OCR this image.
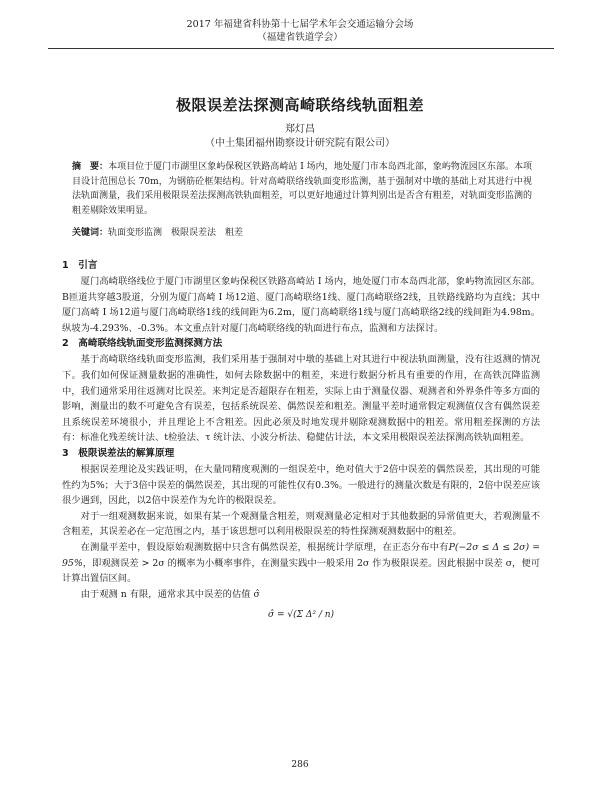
2017 年福建省科协第十七届学术年会交通运输分会场
（福建省铁道学会）
极限误差法探测高崎联络线轨面粗差
郑灯昌
（中土集团福州勘察设计研究院有限公司）
摘　要：本项目位于厦门市湖里区象屿保税区铁路高崎站 I 场内，地处厦门市本岛西北部，象屿物流园区东部。本项目设计范围总长 70m，为钢筋砼框架结构。针对高崎联络线轨面变形监测，基于强制对中墩的基础上对其进行中视法轨面测量，我们采用极限误差法探测高铁轨面粗差，可以更好地通过计算判别出是否含有粗差，对轨面变形监测的粗差剔除效果明显。
关键词：轨面变形监测　极限误差法　粗差
1　引言

厦门高崎联络线位于厦门市湖里区象屿保税区铁路高崎站 I 场内，地处厦门市本岛西北部，象屿物流园区东部。B匝道共穿越3股道，分别为厦门高崎 I 场12道、厦门高崎联络1线、厦门高崎联络2线，且铁路线路均为直线；其中厦门高崎 I 场12道与厦门高崎联络1线的线间距为6.2m，厦门高崎联络1线与厦门高崎联络2线的线间距为4.98m。纵坡为-4.293%、-0.3%。本文重点针对厦门高崎联络线的轨面进行布点，监测和方法探讨。

2　高崎联络线轨面变形监测探测方法

基于高崎联络线轨面变形监测，我们采用基于强制对中墩的基础上对其进行中视法轨面测量，没有往返测的情况下。我们如何保证测量数据的准确性，如何去除数据中的粗差，来进行数据分析具有重要的作用，在高铁沉降监测中，我们通常采用往返测对比误差。来判定是否超限存在粗差，实际上由于测量仪器、观测者和外界条件等多方面的影响，测量出的数不可避免含有误差，包括系统误差、偶然误差和粗差。测量平差时通常假定观测值仅含有偶然误差且系统误差环境很小，并且理论上不含粗差。因此必须及时地发现并剔除观测数据中的粗差。常用粗差探测的方法有：标准化残差统计法、t检验法、τ 统计法、小波分析法、稳健估计法，本文采用极限误差法探测高铁轨面粗差。

3　极限误差法的解算原理

根据误差理论及实践证明，在大量同精度观测的一组误差中，绝对值大于2倍中误差的偶然误差，其出现的可能性约为5%；大于3倍中误差的偶然误差，其出现的可能性仅有0.3%。一般进行的测量次数是有限的，2倍中误差应该很少遇到，因此，以2倍中误差作为允许的极限误差。

对于一组观测数据来说，如果有某一个观测量含粗差，则观测量必定相对于其他数据的异常值更大，若观测量不含粗差，其误差必在一定范围之内，基于该思想可以利用极限误差的特性探测观测数据中的粗差。

在测量平差中，假设原始观测数据中只含有偶然误差，根据统计学原理，在正态分布中有P(−2σ ≤ Δ ≤ 2σ) = 95%，即观测误差 > 2σ 的概率为小概率事件，在测量实践中一般采用 2σ 作为极限误差。因此根据中误差 σ，便可计算出置信区间。

由于观测 n 有限，通常求其中误差的估值 σ̂

σ̂ = √(Σ Δ² / n)
286
